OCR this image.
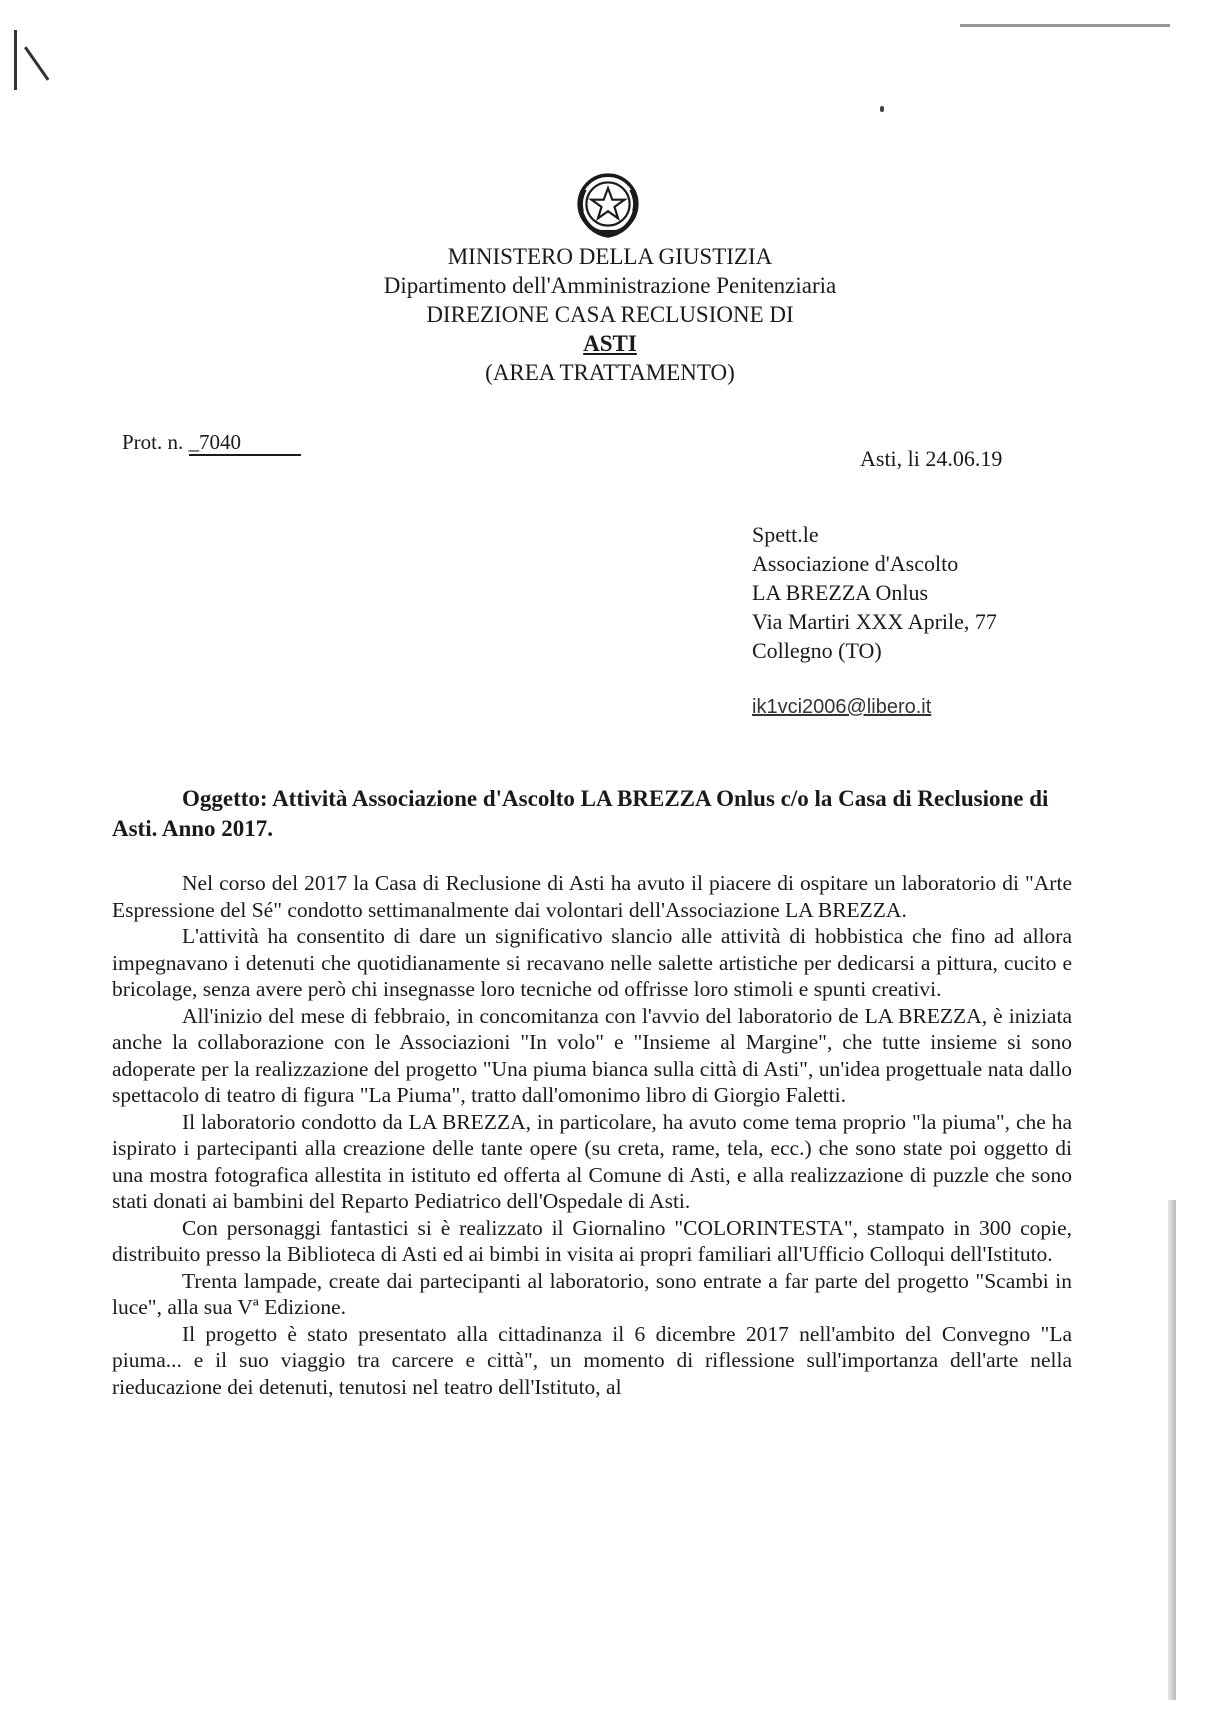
MINISTERO DELLA GIUSTIZIA
Dipartimento dell'Amministrazione Penitenziaria
DIREZIONE CASA RECLUSIONE DI
ASTI
(AREA TRATTAMENTO)
Prot. n. _7040
Asti, li 24.06.19
Spett.le
Associazione d'Ascolto
LA BREZZA Onlus
Via Martiri XXX Aprile, 77
Collegno (TO)
ik1vci2006@libero.it
Oggetto: Attività Associazione d'Ascolto LA BREZZA Onlus c/o la Casa di Reclusione di Asti. Anno 2017.

Nel corso del 2017 la Casa di Reclusione di Asti ha avuto il piacere di ospitare un laboratorio di "Arte Espressione del Sé" condotto settimanalmente dai volontari dell'Associazione LA BREZZA.

L'attività ha consentito di dare un significativo slancio alle attività di hobbistica che fino ad allora impegnavano i detenuti che quotidianamente si recavano nelle salette artistiche per dedicarsi a pittura, cucito e bricolage, senza avere però chi insegnasse loro tecniche od offrisse loro stimoli e spunti creativi.

All'inizio del mese di febbraio, in concomitanza con l'avvio del laboratorio de LA BREZZA, è iniziata anche la collaborazione con le Associazioni "In volo" e "Insieme al Margine", che tutte insieme si sono adoperate per la realizzazione del progetto "Una piuma bianca sulla città di Asti", un'idea progettuale nata dallo spettacolo di teatro di figura "La Piuma", tratto dall'omonimo libro di Giorgio Faletti.

Il laboratorio condotto da LA BREZZA, in particolare, ha avuto come tema proprio "la piuma", che ha ispirato i partecipanti alla creazione delle tante opere (su creta, rame, tela, ecc.) che sono state poi oggetto di una mostra fotografica allestita in istituto ed offerta al Comune di Asti, e alla realizzazione di puzzle che sono stati donati ai bambini del Reparto Pediatrico dell'Ospedale di Asti.

Con personaggi fantastici si è realizzato il Giornalino "COLORINTESTA", stampato in 300 copie, distribuito presso la Biblioteca di Asti ed ai bimbi in visita ai propri familiari all'Ufficio Colloqui dell'Istituto.

Trenta lampade, create dai partecipanti al laboratorio, sono entrate a far parte del progetto "Scambi in luce", alla sua Vª Edizione.

Il progetto è stato presentato alla cittadinanza il 6 dicembre 2017 nell'ambito del Convegno "La piuma... e il suo viaggio tra carcere e città", un momento di riflessione sull'importanza dell'arte nella rieducazione dei detenuti, tenutosi nel teatro dell'Istituto, al
